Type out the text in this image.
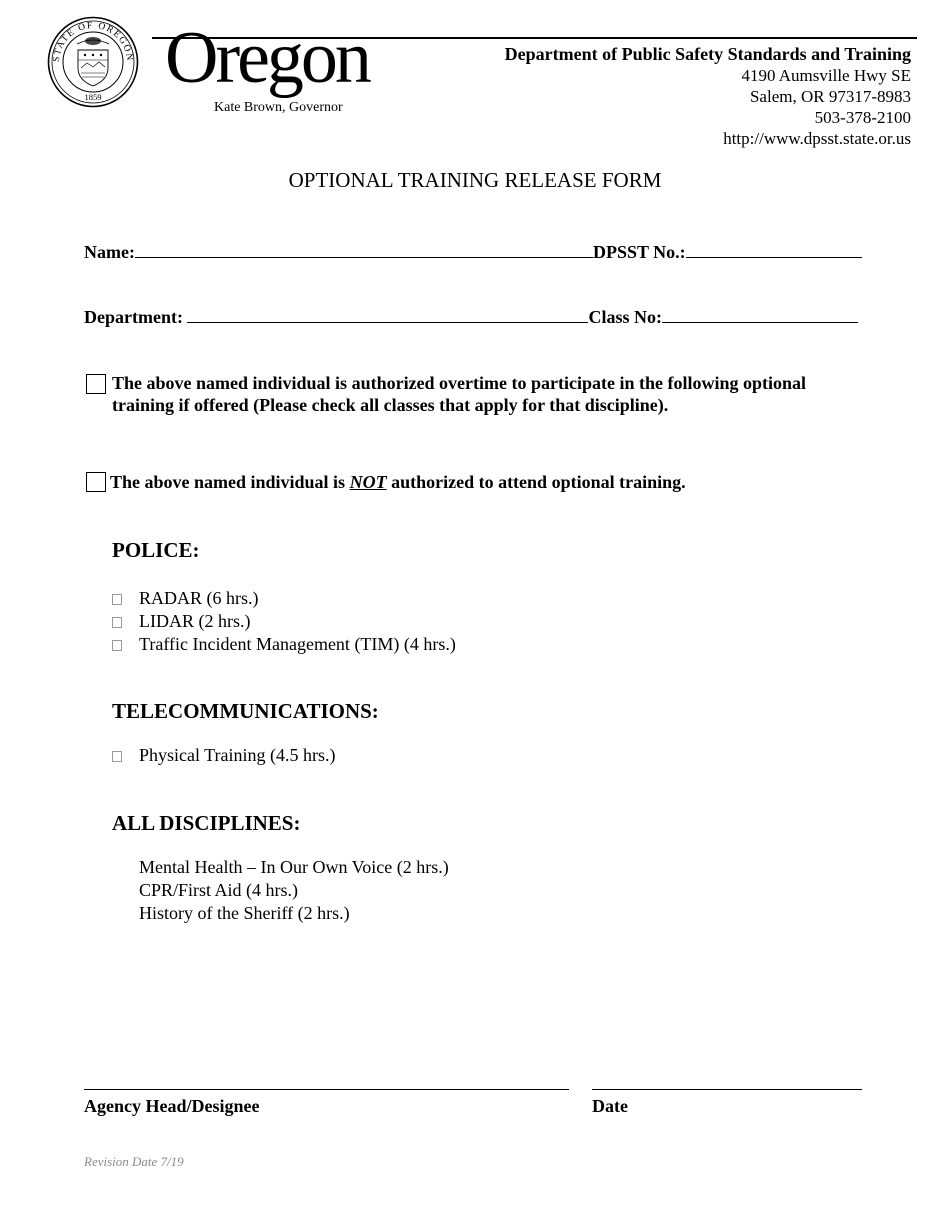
STATE OF OREGON
1859 Oregon
Kate Brown, Governor
Department of Public Safety Standards and Training
4190 Aumsville Hwy SE
Salem, OR 97317-8983
503-378-2100
http://www.dpsst.state.or.us
OPTIONAL TRAINING RELEASE FORM
Name:	DPSST No.:
Department:	Class No:
The above named individual is authorized overtime to participate in the following optional training if offered (Please check all classes that apply for that discipline).
The above named individual is NOT authorized to attend optional training.
POLICE:
RADAR (6 hrs.)
LIDAR (2 hrs.)
Traffic Incident Management (TIM) (4 hrs.)
TELECOMMUNICATIONS:
Physical Training (4.5 hrs.)
ALL DISCIPLINES:
Mental Health – In Our Own Voice (2 hrs.)
CPR/First Aid (4 hrs.)
History of the Sheriff (2 hrs.)
Agency Head/Designee	Date
Revision Date 7/19
